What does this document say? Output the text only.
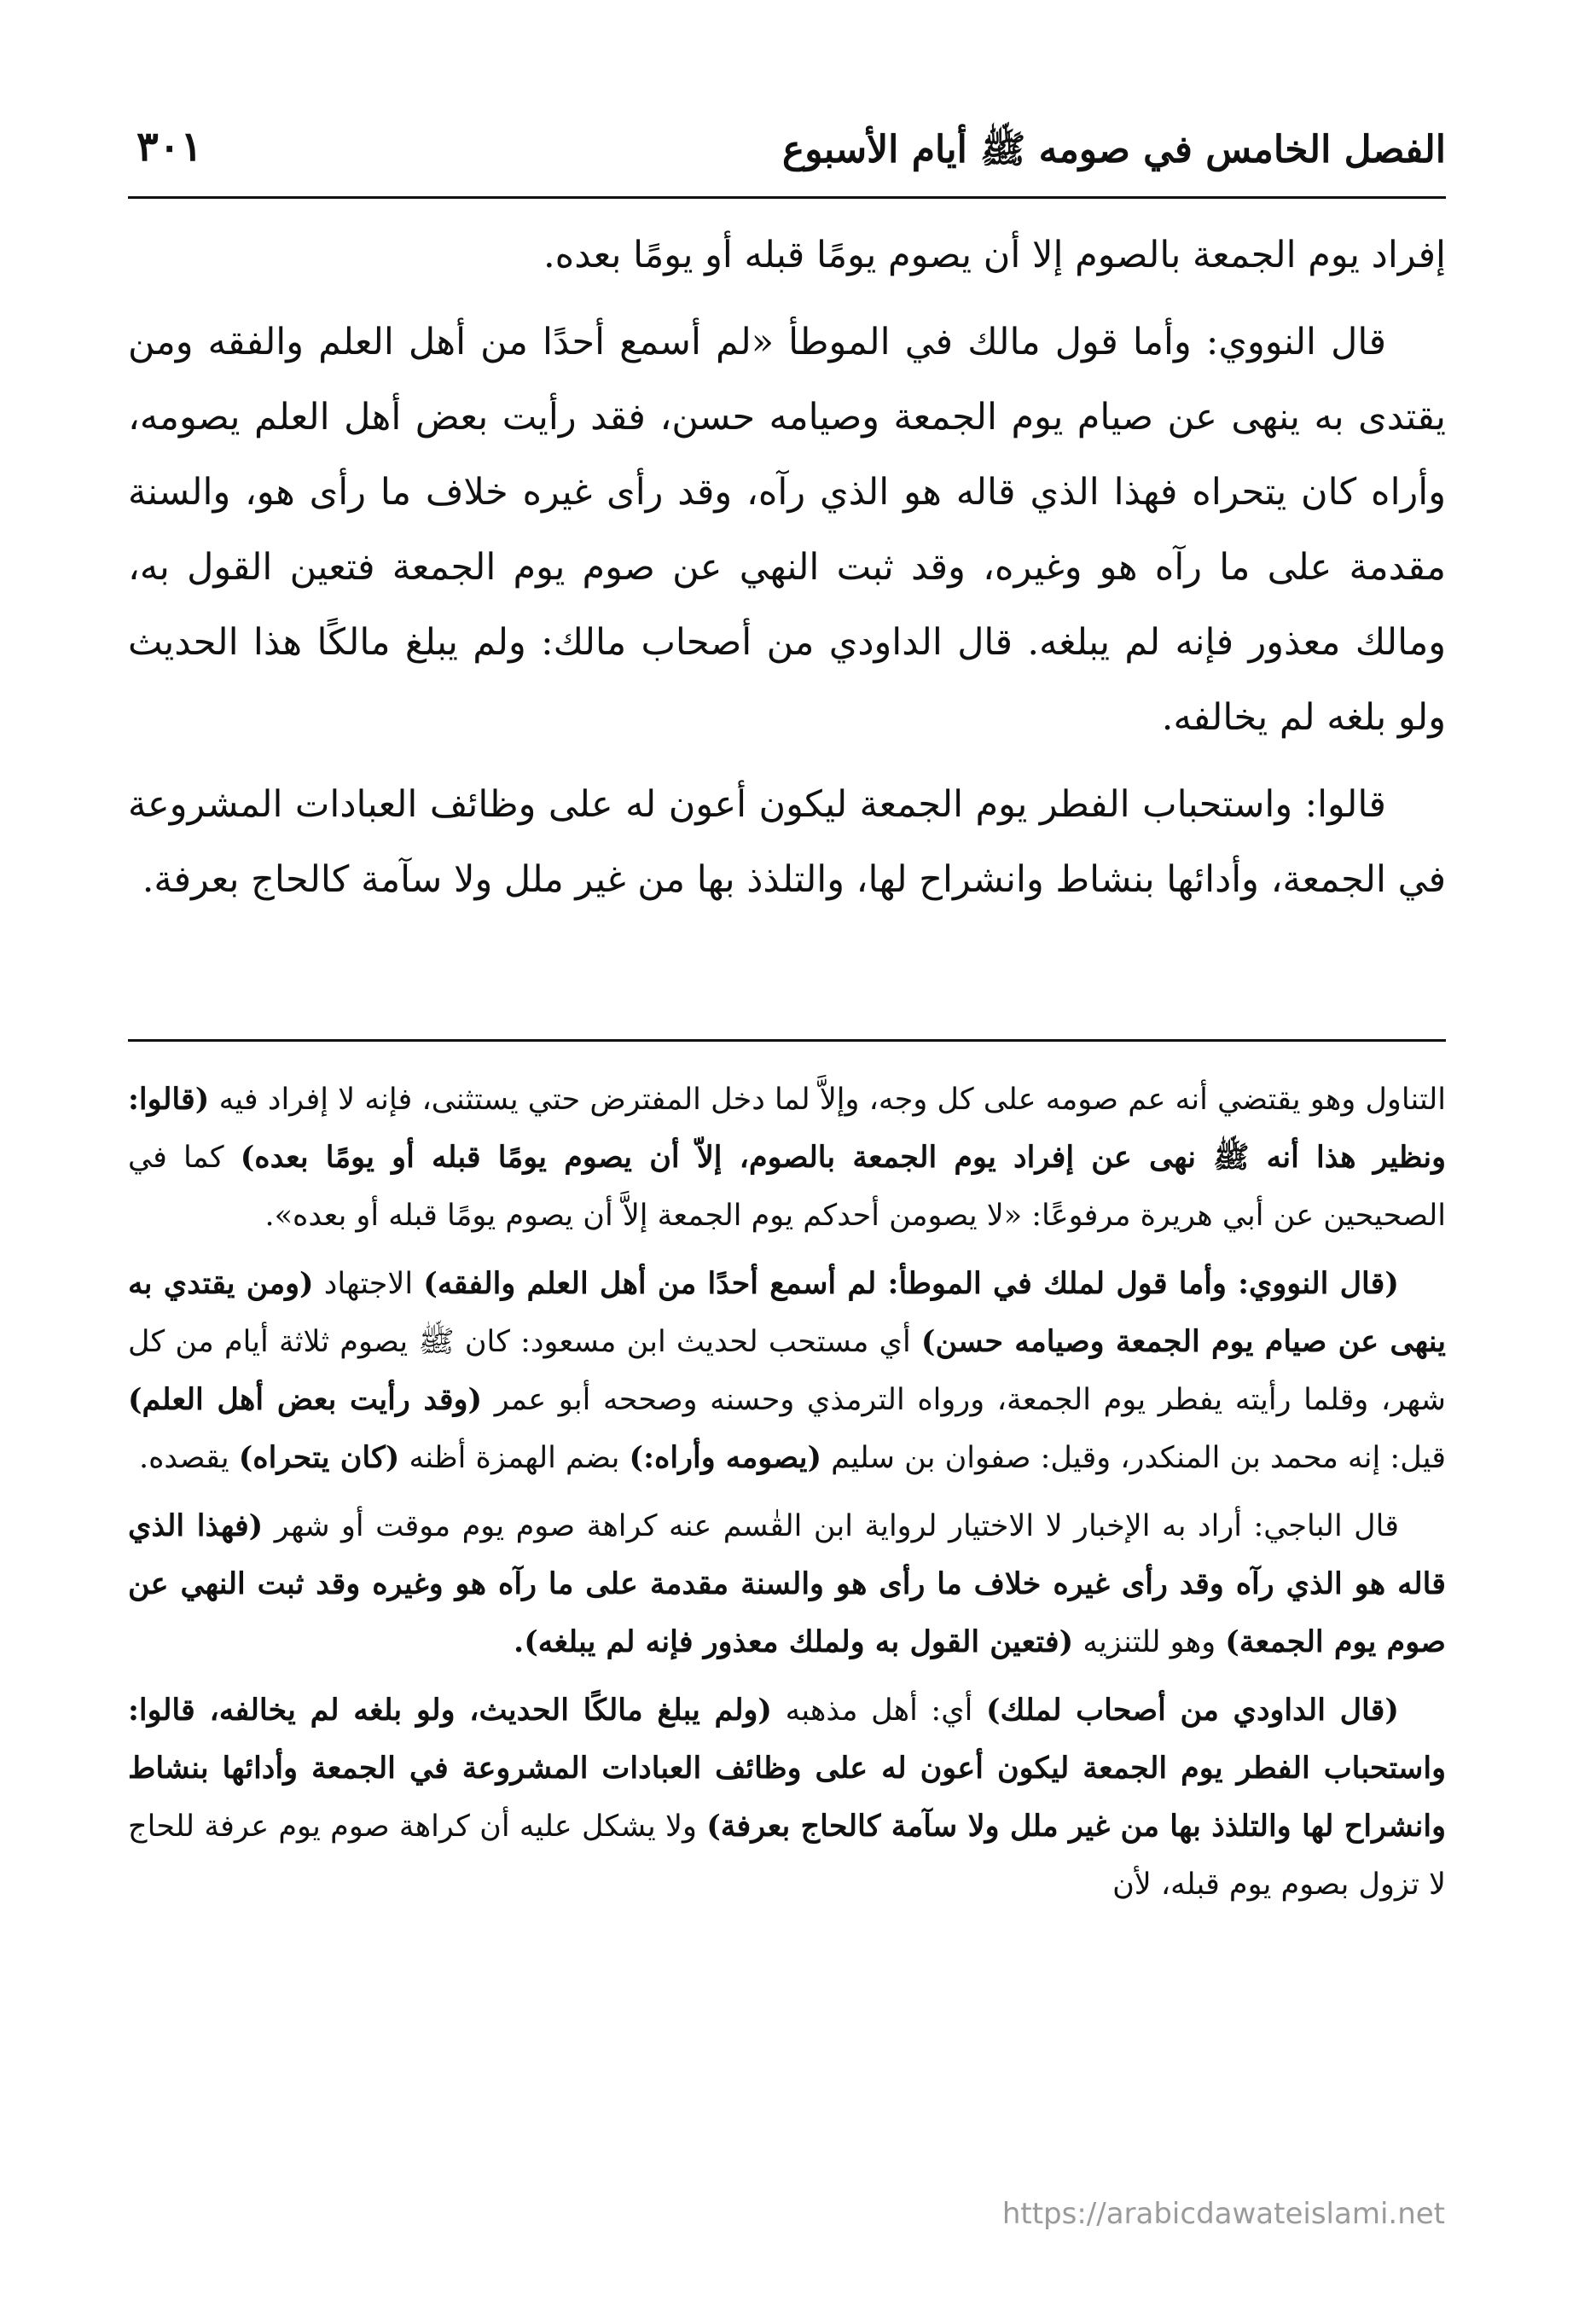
الفصل الخامس في صومه ﷺ أيام الأسبوع
٣٠١

إفراد يوم الجمعة بالصوم إلا أن يصوم يومًا قبله أو يومًا بعده.

قال النووي: وأما قول مالك في الموطأ «لم أسمع أحدًا من أهل العلم والفقه ومن يقتدى به ينهى عن صيام يوم الجمعة وصيامه حسن، فقد رأيت بعض أهل العلم يصومه، وأراه كان يتحراه فهذا الذي قاله هو الذي رآه، وقد رأى غيره خلاف ما رأى هو، والسنة مقدمة على ما رآه هو وغيره، وقد ثبت النهي عن صوم يوم الجمعة فتعين القول به، ومالك معذور فإنه لم يبلغه. قال الداودي من أصحاب مالك: ولم يبلغ مالكًا هذا الحديث ولو بلغه لم يخالفه.

قالوا: واستحباب الفطر يوم الجمعة ليكون أعون له على وظائف العبادات المشروعة في الجمعة، وأدائها بنشاط وانشراح لها، والتلذذ بها من غير ملل ولا سآمة كالحاج بعرفة.

التناول وهو يقتضي أنه عم صومه على كل وجه، وإلاَّ لما دخل المفترض حتي يستثنى، فإنه لا إفراد فيه (قالوا: ونظير هذا أنه ﷺ نهى عن إفراد يوم الجمعة بالصوم، إلاّ أن يصوم يومًا قبله أو يومًا بعده) كما في الصحيحين عن أبي هريرة مرفوعًا: «لا يصومن أحدكم يوم الجمعة إلاَّ أن يصوم يومًا قبله أو بعده».

(قال النووي: وأما قول لملك في الموطأ: لم أسمع أحدًا من أهل العلم والفقه) الاجتهاد (ومن يقتدي به ينهى عن صيام يوم الجمعة وصيامه حسن) أي مستحب لحديث ابن مسعود: كان ﷺ يصوم ثلاثة أيام من كل شهر، وقلما رأيته يفطر يوم الجمعة، ورواه الترمذي وحسنه وصححه أبو عمر (وقد رأيت بعض أهل العلم) قيل: إنه محمد بن المنكدر، وقيل: صفوان بن سليم (يصومه وأراه:) بضم الهمزة أظنه (كان يتحراه) يقصده.

قال الباجي: أراد به الإخبار لا الاختيار لرواية ابن القٰسم عنه كراهة صوم يوم موقت أو شهر (فهذا الذي قاله هو الذي رآه وقد رأى غيره خلاف ما رأى هو والسنة مقدمة على ما رآه هو وغيره وقد ثبت النهي عن صوم يوم الجمعة) وهو للتنزيه (فتعين القول به ولملك معذور فإنه لم يبلغه).

(قال الداودي من أصحاب لملك) أي: أهل مذهبه (ولم يبلغ مالكًا الحديث، ولو بلغه لم يخالفه، قالوا: واستحباب الفطر يوم الجمعة ليكون أعون له على وظائف العبادات المشروعة في الجمعة وأدائها بنشاط وانشراح لها والتلذذ بها من غير ملل ولا سآمة كالحاج بعرفة) ولا يشكل عليه أن كراهة صوم يوم عرفة للحاج لا تزول بصوم يوم قبله، لأن

https://arabicdawateislami.net
